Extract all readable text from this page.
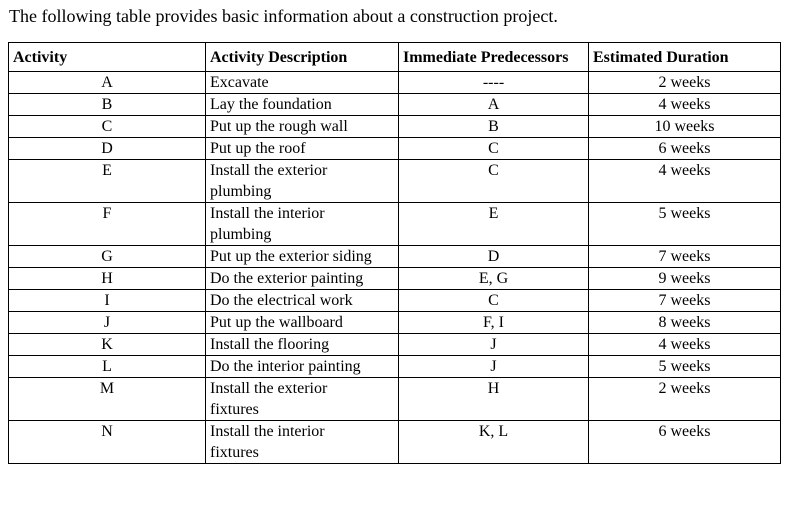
The following table provides basic information about a construction project.
Activity	Activity Description	Immediate Predecessors	Estimated Duration
A	Excavate	----	2 weeks
B	Lay the foundation	A	4 weeks
C	Put up the rough wall	B	10 weeks
D	Put up the roof	C	6 weeks
E	Install the exterior plumbing	C	4 weeks
F	Install the interior plumbing	E	5 weeks
G	Put up the exterior siding	D	7 weeks
H	Do the exterior painting	E, G	9 weeks
I	Do the electrical work	C	7 weeks
J	Put up the wallboard	F, I	8 weeks
K	Install the flooring	J	4 weeks
L	Do the interior painting	J	5 weeks
M	Install the exterior fixtures	H	2 weeks
N	Install the interior fixtures	K, L	6 weeks
